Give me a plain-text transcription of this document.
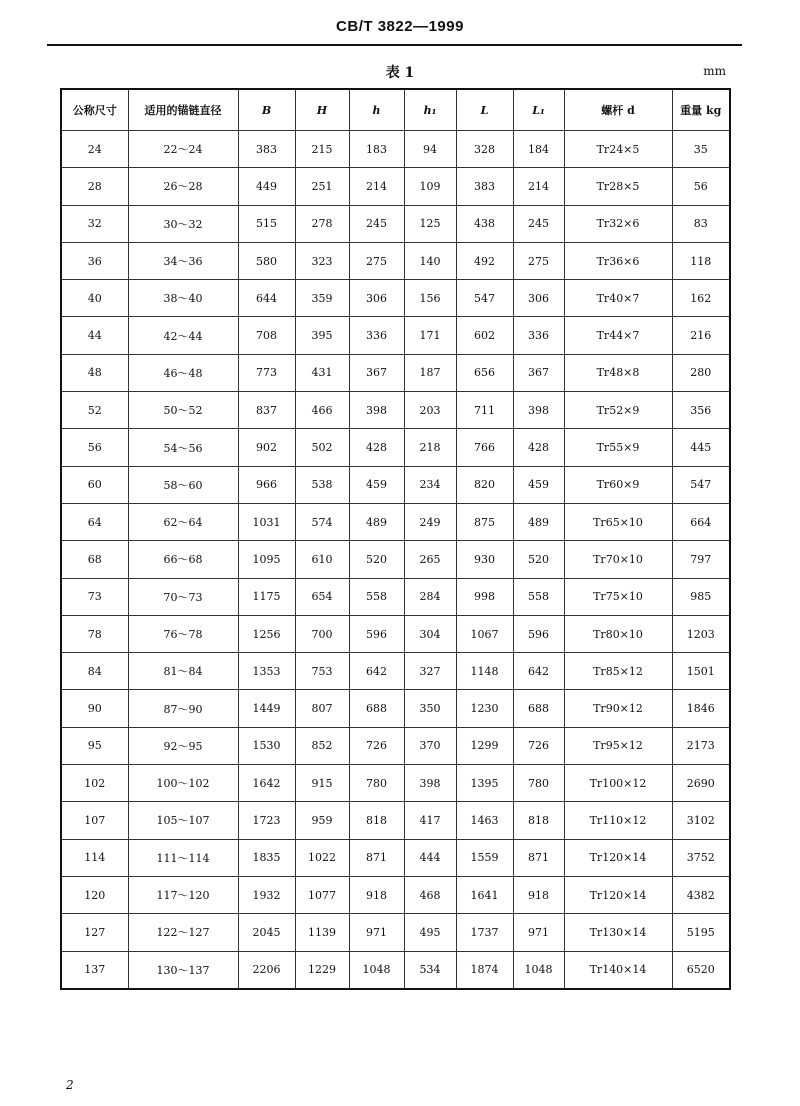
CB/T 3822—1999
表 1	mm
公称尺寸	适用的锚链直径	B	H	h	h₁	L	L₁	螺杆 d	重量 kg
24	22～24	383	215	183	94	328	184	Tr24×5	35
28	26～28	449	251	214	109	383	214	Tr28×5	56
32	30～32	515	278	245	125	438	245	Tr32×6	83
36	34～36	580	323	275	140	492	275	Tr36×6	118
40	38～40	644	359	306	156	547	306	Tr40×7	162
44	42～44	708	395	336	171	602	336	Tr44×7	216
48	46～48	773	431	367	187	656	367	Tr48×8	280
52	50～52	837	466	398	203	711	398	Tr52×9	356
56	54～56	902	502	428	218	766	428	Tr55×9	445
60	58～60	966	538	459	234	820	459	Tr60×9	547
64	62～64	1031	574	489	249	875	489	Tr65×10	664
68	66～68	1095	610	520	265	930	520	Tr70×10	797
73	70～73	1175	654	558	284	998	558	Tr75×10	985
78	76～78	1256	700	596	304	1067	596	Tr80×10	1203
84	81～84	1353	753	642	327	1148	642	Tr85×12	1501
90	87～90	1449	807	688	350	1230	688	Tr90×12	1846
95	92～95	1530	852	726	370	1299	726	Tr95×12	2173
102	100～102	1642	915	780	398	1395	780	Tr100×12	2690
107	105～107	1723	959	818	417	1463	818	Tr110×12	3102
114	111～114	1835	1022	871	444	1559	871	Tr120×14	3752
120	117～120	1932	1077	918	468	1641	918	Tr120×14	4382
127	122～127	2045	1139	971	495	1737	971	Tr130×14	5195
137	130～137	2206	1229	1048	534	1874	1048	Tr140×14	6520
2
